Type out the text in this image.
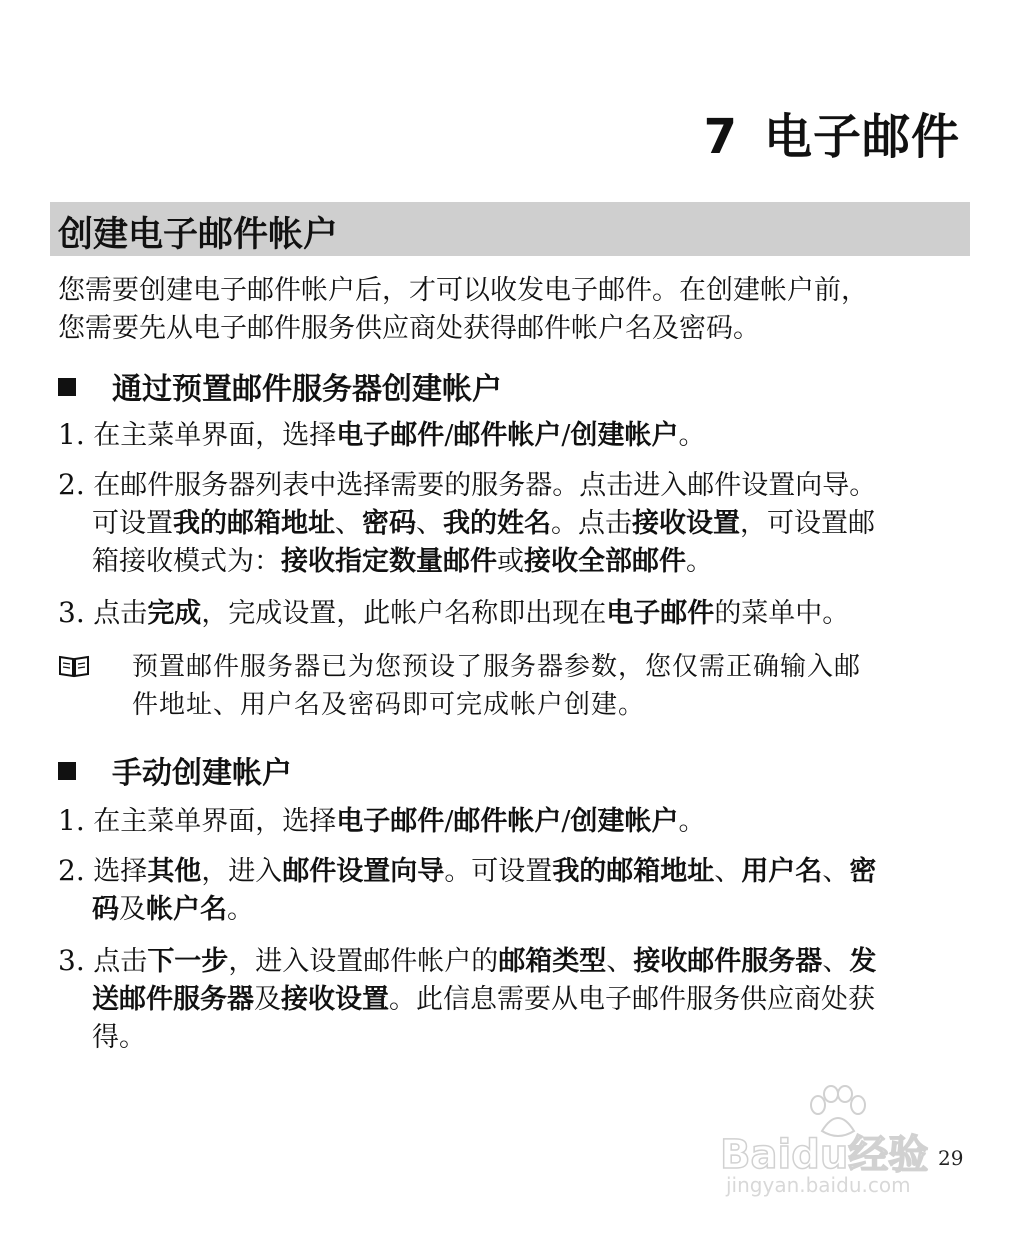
7 电子邮件
创建电子邮件帐户
您需要创建电子邮件帐户后，才可以收发电子邮件。在创建帐户前，
您需要先从电子邮件服务供应商处获得邮件帐户名及密码。
通过预置邮件服务器创建帐户
1. 在主菜单界面，选择电子邮件/邮件帐户/创建帐户。
2. 在邮件服务器列表中选择需要的服务器。点击进入邮件设置向导。
可设置我的邮箱地址、密码、我的姓名。点击接收设置，可设置邮
箱接收模式为：接收指定数量邮件或接收全部邮件。
3. 点击完成，完成设置，此帐户名称即出现在电子邮件的菜单中。
预置邮件服务器已为您预设了服务器参数，您仅需正确输入邮
件地址、用户名及密码即可完成帐户创建。
手动创建帐户
1. 在主菜单界面，选择电子邮件/邮件帐户/创建帐户。
2. 选择其他，进入邮件设置向导。可设置我的邮箱地址、用户名、密
码及帐户名。
3. 点击下一步，进入设置邮件帐户的邮箱类型、接收邮件服务器、发
送邮件服务器及接收设置。此信息需要从电子邮件服务供应商处获
得。
Baidu经验
jingyan.baidu.com
29
